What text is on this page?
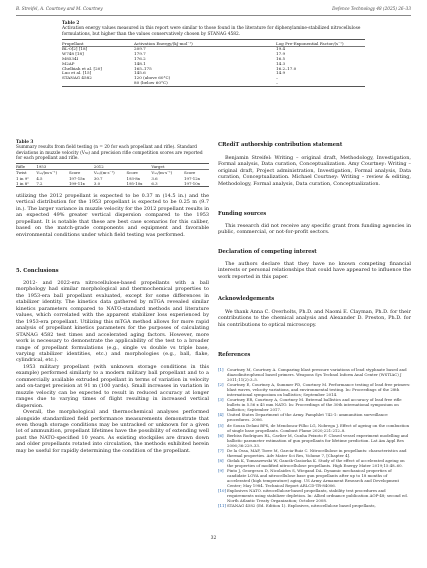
B. Streifel, A. Courtney and M. Courtney	Defence Technology 48 (2025) 26–33
Table 2
Activation energy values measured in this report were similar to those found in the literature for diphenylamine-stabilized nitrocellulose formulations, but higher than the values conservatively chosen by STANAG 4582.
Propellant	Activation Energy/(kJ·mol⁻¹)	Log Pre-Exponential Factor/(s⁻¹)
BL-0[2] [18]	209.7	19.4
W748 [18]	179.7	17.9
M8534I	176.2	16.5
M2AP	148.1	14.3
Chelbiah et al. [20]	165–175	16.2–17.0
Luo et al. [15]	145.6	14.9
STANAG 4582	120 (above 60°C)	–
	80 (below 60°C)	–
Table 3
Summary results from field testing (n = 20 for each propellant and rifle). Standard deviations in muzzle velocity (V₅₀) and precision rifle competition scores are reported for each propellant and rifle.
Rifle	1953		2012		Varget	
Twist	V₅₀/(m·s⁻¹)	Score	V₅₀/(m·s⁻¹)	Score	V₅₀/(m·s⁻¹)	Score
1 in 9"	4.5	197-15x	30.7	193-8x	3.6	197-12x
1 in 8"	7.2	199-11x	3.0	195-10x	6.3	197-10x

utilizing the 2012 propellant is expected to be 0.37 m (14.5 in.) and the vertical distribution for the 1953 propellant is expected to be 0.25 m (9.7 in.). The larger variance in muzzle velocity for the 2012 propellant results in an expected 49% greater vertical dispersion compared to the 1953 propellant. It is notable that these are best case scenarios for this caliber, based on the match-grade components and equipment and favorable environmental conditions under which field testing was performed.

5. Conclusions

2012- and 2022-era nitrocellulose-based propellants with a ball morphology had similar morphological and thermochemical properties to the 1953-era ball propellant evaluated, except for some differences in stabilizer identity. The kinetics data gathered by mTGA revealed similar kinetics parameters compared to NATO-standard methods and literature values, which correlated with the apparent stabilizer loss experienced by the 1953-era propellant. Utilizing this mTGA method allows for more rapid analysis of propellant kinetics parameters for the purposes of calculating STANAG 4582 test times and accelerated aging factors. However, more work is necessary to demonstrate the applicability of the test to a broader range of propellant formulations (e.g., single vs double vs triple base, varying stabilizer identities, etc.) and morphologies (e.g., ball, flake, cylindrical, etc.).

1953 military propellant (with unknown storage conditions in this example) performed similarly to a modern military ball propellant and to a commercially available extruded propellant in terms of variation in velocity and on-target precision at 91 m (100 yards). Small increases in variation in muzzle velocity can be expected to result in reduced accuracy at longer ranges due to varying times of flight resulting in increased vertical dispersion.

Overall, the morphological and thermochemical analyses performed alongside standardized field performance measurements demonstrate that even though storage conditions may be untracked or unknown for a given lot of ammunition, propellant lifetimes have the possibility of extending well past the NATO-specified 10 years. As existing stockpiles are drawn down and older propellants rotated into circulation, the methods exhibited herein may be useful for rapidly determining the condition of the propellant.

CRediT authorship contribution statement

Benjamin Streifel: Writing – original draft, Methodology, Investigation, Formal analysis, Data curation, Conceptualization. Amy Courtney: Writing – original draft, Project administration, Investigation, Formal analysis, Data curation, Conceptualization. Michael Courtney: Writing – review & editing, Methodology, Formal analysis, Data curation, Conceptualization.

Funding sources

This research did not receive any specific grant from funding agencies in public, commercial, or not-for-profit sectors.

Declaration of competing interest

The authors declare that they have no known competing financial interests or personal relationships that could have appeared to influence the work reported in this paper.

Acknowledgements

We thank Anna C. Overholts, Ph.D. and Naomi E. Clayman, Ph.D. for their contributions to the chemical analysis and Alexander D. Preston, Ph.D. for his contributions to optical microscopy.

References
[1] Courtney M, Courtney A. Comparing blast pressure variations of lead styphnate based and diazodinitrophenol based primers. Weapons Sys Technol Inform Anal Center (WSTIAC) J 2011;11(2):3–5.
[2] Courtney E, Courtney A, Summer PD, Courtney M. Performance testing of lead free primers: blast waves, velocity variations, and environmental testing. In: Proceedings of the 28th international symposium on ballistics; September 2014.
[3] Courtney ER, Courtney A, Courtney M. External ballistics and accuracy of lead free rifle bullets in 5.56 x 45 mm NATO. In: Proceedings of the 30th international symposium on ballistics; September 2017.
[4] United States Department of the Army. Pamphlet 742-1: ammunition surveillance procedures. 2006.
[5] de Souza Delani BPS, de Mendonca-Filho LG, Nobrega J. Effect of ageing on the combustion of single base propellants. Combust Flame 2020;221:212–8.
[6] Berbiss Rodrigues RL, Cavlier M, Cunha Peixoto F. Closed vessel experiment modelling and ballistic parameter estimation of gun propellants for lifetime prediction. Lat Am Appl Res 2006;36:229–33.
[7] De la Ossa, MAF, Torre M, Garcia-Ruiz C. Nitrocellulose in propellants: characteristics and thermal properties. Adv Mater Sci Res, Volume 7, [Chapter 4].
[8] Gielak K, Tomaszewski W, Gancik-Gasiorka K. Study of the effect of accelerated ageing on the properties of modified nitrocellulose propellants. High Energy Mater 2019;15:48–60.
[9] Pinto J, Georgescu D, Nicolaides S, Wiegand DA. Dynamic mechanical properties of candidate LOVA and nitrocellulose base gun propellants after up to 18 months of accelerated (high temperature) aging. US Army Armament Research and Development Center; May 1984. Technical Report ARLCD-TR-84006.
[10] Explosives NATO. nitrocellulose-based propellants, stability test procedures and requirements using stabilizer depletion. In: Allied ordnance publication AOP-48; second ed. North Atlantic Treaty Organization; October 2008.
[11] STANAG 4582 (Ed. Edition 1). Explosives, nitrocellulose based propellants,
32
